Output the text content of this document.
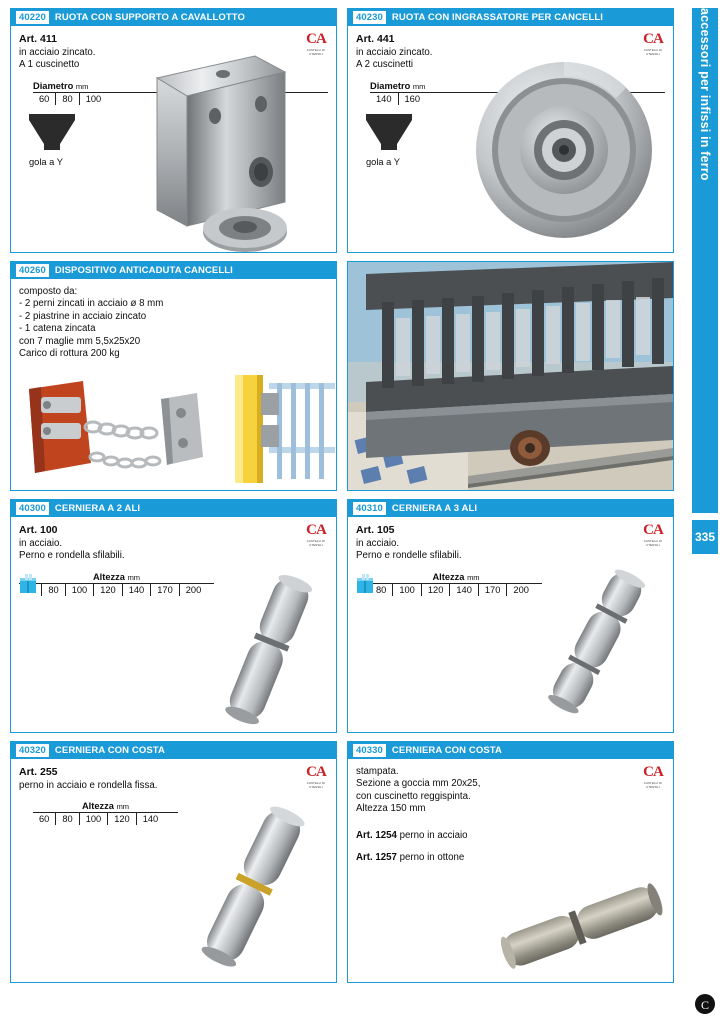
accessori per infissi in ferro
335
40220 RUOTA CON SUPPORTO A CAVALLOTTO
CA
CASTELLI DI UTENSILI

Art. 411

in acciaio zincato.

A 1 cuscinetto

Diametro mm
60	80	100
gola a Y
40230 RUOTA CON INGRASSATORE PER CANCELLI
CA
CASTELLI DI UTENSILI

Art. 441

in acciaio zincato.

A 2 cuscinetti

Diametro mm
140	160
gola a Y
40260 DISPOSITIVO ANTICADUTA CANCELLI

composto da:

- 2 perni zincati in acciaio ø 8 mm

- 2 piastrine in acciaio zincato

- 1 catena zincata

con 7 maglie mm 5,5x25x20

Carico di rottura 200 kg

40300 CERNIERA A 2 ALI
CA
CASTELLI DI UTENSILI

Art. 100

in acciaio.

Perno e rondella sfilabili.

Altezza mm
80	100	120	140	170	200
40310 CERNIERA A 3 ALI
CA
CASTELLI DI UTENSILI

Art. 105

in acciaio.

Perno e rondelle sfilabili.

Altezza mm
80	100	120	140	170	200
40320 CERNIERA CON COSTA
CA
CASTELLI DI UTENSILI

Art. 255

perno in acciaio e rondella fissa.

Altezza mm
60	80	100	120	140
40330 CERNIERA CON COSTA
CA
CASTELLI DI UTENSILI

stampata.

Sezione a goccia mm 20x25,

con cuscinetto reggispinta.

Altezza 150 mm

Art. 1254 perno in acciaio

Art. 1257 perno in ottone

C
